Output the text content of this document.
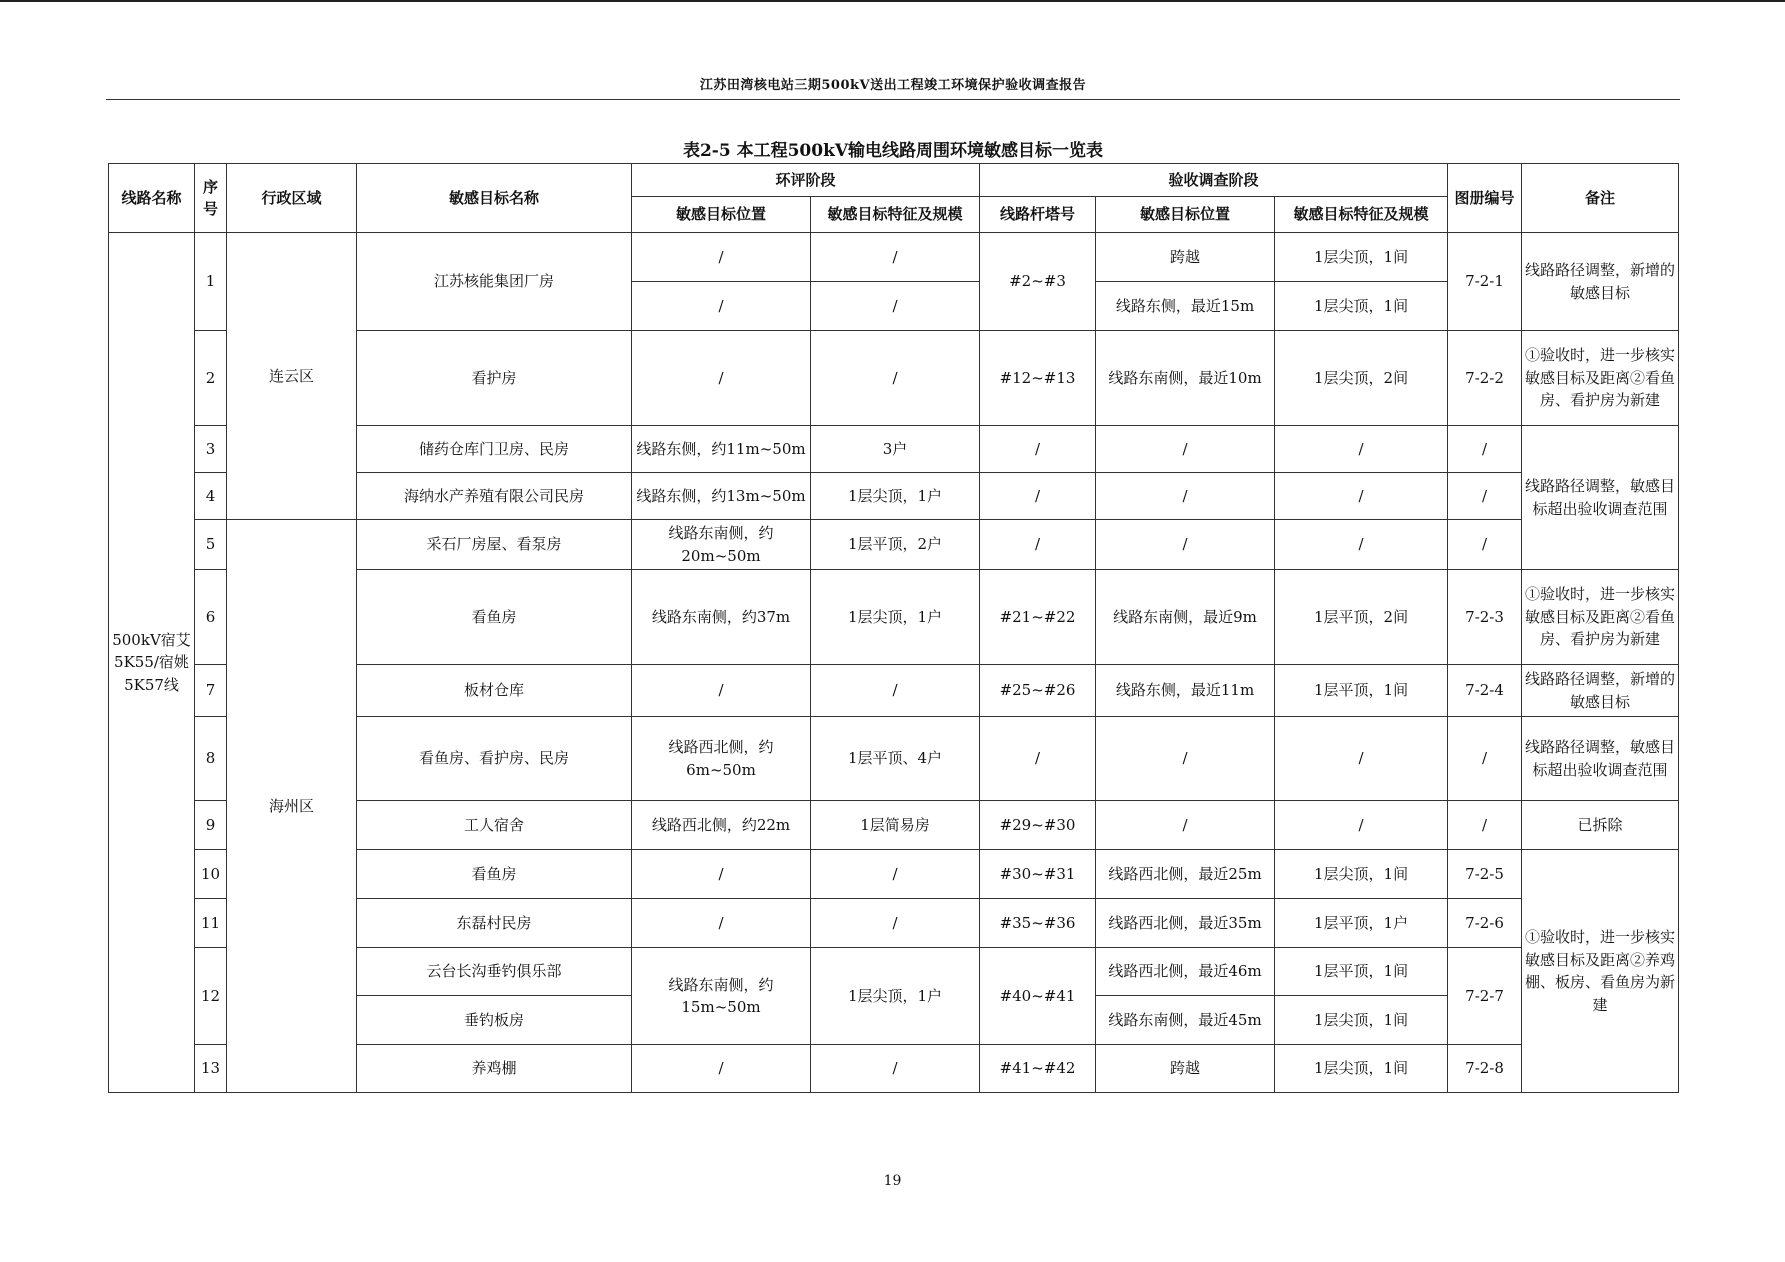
江苏田湾核电站三期500kV送出工程竣工环境保护验收调查报告
表2-5 本工程500kV输电线路周围环境敏感目标一览表
线路名称	序号	行政区域	敏感目标名称	环评阶段		验收调查阶段			图册编号	备注
				敏感目标位置	敏感目标特征及规模	线路杆塔号	敏感目标位置	敏感目标特征及规模		
500kV宿艾5K55/宿姚5K57线	1	连云区	江苏核能集团厂房	/	/	#2~#3	跨越	1层尖顶，1间	7-2-1	线路路径调整，新增的敏感目标
				/	/		线路东侧，最近15m	1层尖顶，1间		
	2		看护房	/	/	#12~#13	线路东南侧，最近10m	1层尖顶，2间	7-2-2	①验收时，进一步核实敏感目标及距离②看鱼房、看护房为新建
	3		储药仓库门卫房、民房	线路东侧，约11m~50m	3户	/	/	/	/	线路路径调整，敏感目标超出验收调查范围
	4		海纳水产养殖有限公司民房	线路东侧，约13m~50m	1层尖顶，1户	/	/	/	/	
	5	海州区	采石厂房屋、看泵房	线路东南侧，约20m~50m	1层平顶，2户	/	/	/	/	
	6		看鱼房	线路东南侧，约37m	1层尖顶，1户	#21~#22	线路东南侧，最近9m	1层平顶，2间	7-2-3	①验收时，进一步核实敏感目标及距离②看鱼房、看护房为新建
	7		板材仓库	/	/	#25~#26	线路东侧，最近11m	1层平顶，1间	7-2-4	线路路径调整，新增的敏感目标
	8		看鱼房、看护房、民房	线路西北侧，约6m~50m	1层平顶、4户	/	/	/	/	线路路径调整，敏感目标超出验收调查范围
	9		工人宿舍	线路西北侧，约22m	1层简易房	#29~#30	/	/	/	已拆除
	10		看鱼房	/	/	#30~#31	线路西北侧，最近25m	1层尖顶，1间	7-2-5	①验收时，进一步核实敏感目标及距离②养鸡棚、板房、看鱼房为新建
	11		东磊村民房	/	/	#35~#36	线路西北侧，最近35m	1层平顶，1户	7-2-6	
	12		云台长沟垂钓俱乐部	线路东南侧，约15m~50m	1层尖顶，1户	#40~#41	线路西北侧，最近46m	1层平顶，1间	7-2-7	
			垂钓板房				线路东南侧，最近45m	1层尖顶，1间		
	13		养鸡棚	/	/	#41~#42	跨越	1层尖顶，1间	7-2-8	
19
